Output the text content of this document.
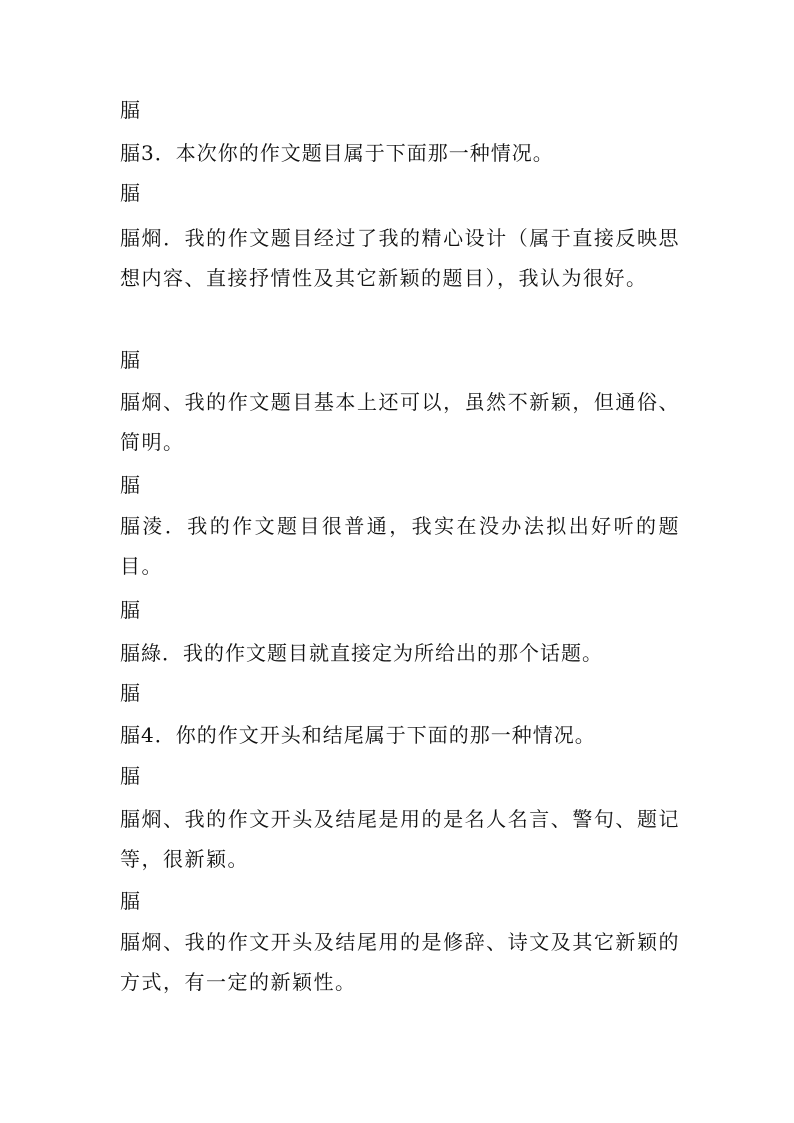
腷

腷3．本次你的作文题目属于下面那一种情况。

腷

腷烱．我的作文题目经过了我的精心设计（属于直接反映思想内容、直接抒情性及其它新颖的题目），我认为很好。

腷

腷烱、我的作文题目基本上还可以，虽然不新颖，但通俗、简明。

腷

腷淩．我的作文题目很普通，我实在没办法拟出好听的题目。

腷

腷綠．我的作文题目就直接定为所给出的那个话题。

腷

腷4．你的作文开头和结尾属于下面的那一种情况。

腷

腷烱、我的作文开头及结尾是用的是名人名言、警句、题记等，很新颖。

腷

腷烱、我的作文开头及结尾用的是修辞、诗文及其它新颖的方式，有一定的新颖性。
